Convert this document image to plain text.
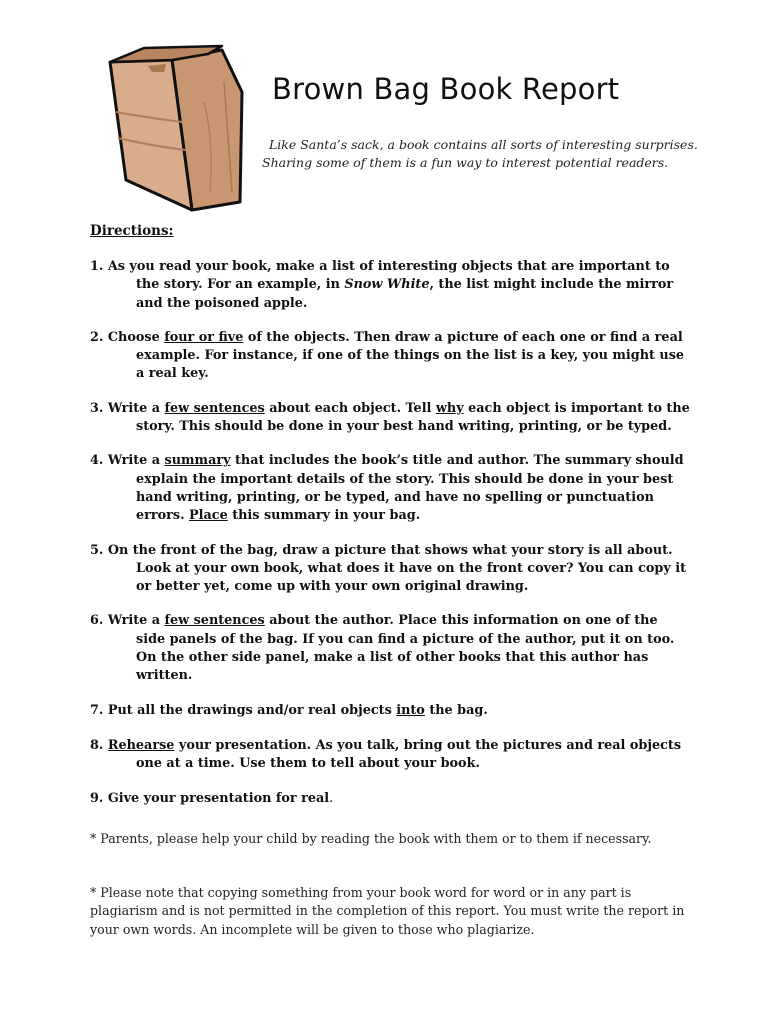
Brown Bag Book Report
Like Santa’s sack, a book contains all sorts of interesting surprises.
Sharing some of them is a fun way to interest potential readers.
Directions:
1. As you read your book, make a list of interesting objects that are important to the story. For an example, in Snow White, the list might include the mirror and the poisoned apple.
2. Choose four or five of the objects. Then draw a picture of each one or find a real example. For instance, if one of the things on the list is a key, you might use a real key.
3. Write a few sentences about each object. Tell why each object is important to the story. This should be done in your best hand writing, printing, or be typed.
4. Write a summary that includes the book’s title and author. The summary should explain the important details of the story. This should be done in your best hand writing, printing, or be typed, and have no spelling or punctuation errors. Place this summary in your bag.
5. On the front of the bag, draw a picture that shows what your story is all about. Look at your own book, what does it have on the front cover? You can copy it or better yet, come up with your own original drawing.
6. Write a few sentences about the author. Place this information on one of the side panels of the bag. If you can find a picture of the author, put it on too. On the other side panel, make a list of other books that this author has written.
7. Put all the drawings and/or real objects into the bag.
8. Rehearse your presentation. As you talk, bring out the pictures and real objects one at a time. Use them to tell about your book.
9. Give your presentation for real.
* Parents, please help your child by reading the book with them or to them if necessary.
* Please note that copying something from your book word for word or in any part is plagiarism and is not permitted in the completion of this report. You must write the report in your own words. An incomplete will be given to those who plagiarize.
